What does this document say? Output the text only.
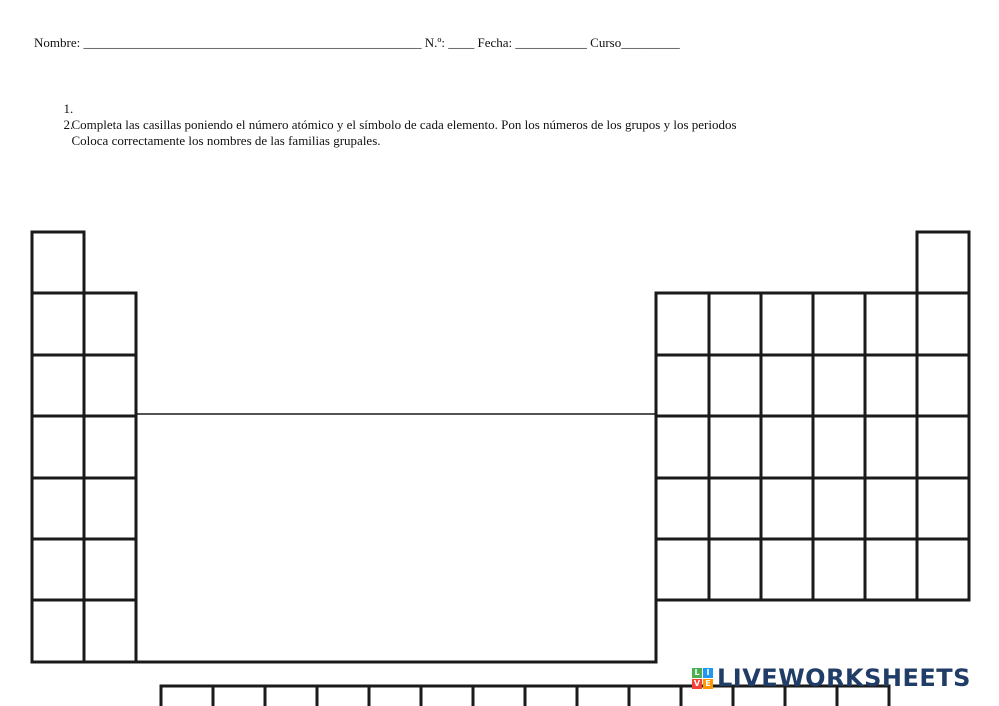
Nombre: ____________________________________________________ N.º: ____ Fecha: ___________ Curso_________

1.
Completa las casillas poniendo el número atómico y el símbolo de cada elemento. Pon los números de los grupos y los periodos

2.
Coloca correctamente los nombres de las familias grupales.

L I
V E LIVEWORKSHEETS
